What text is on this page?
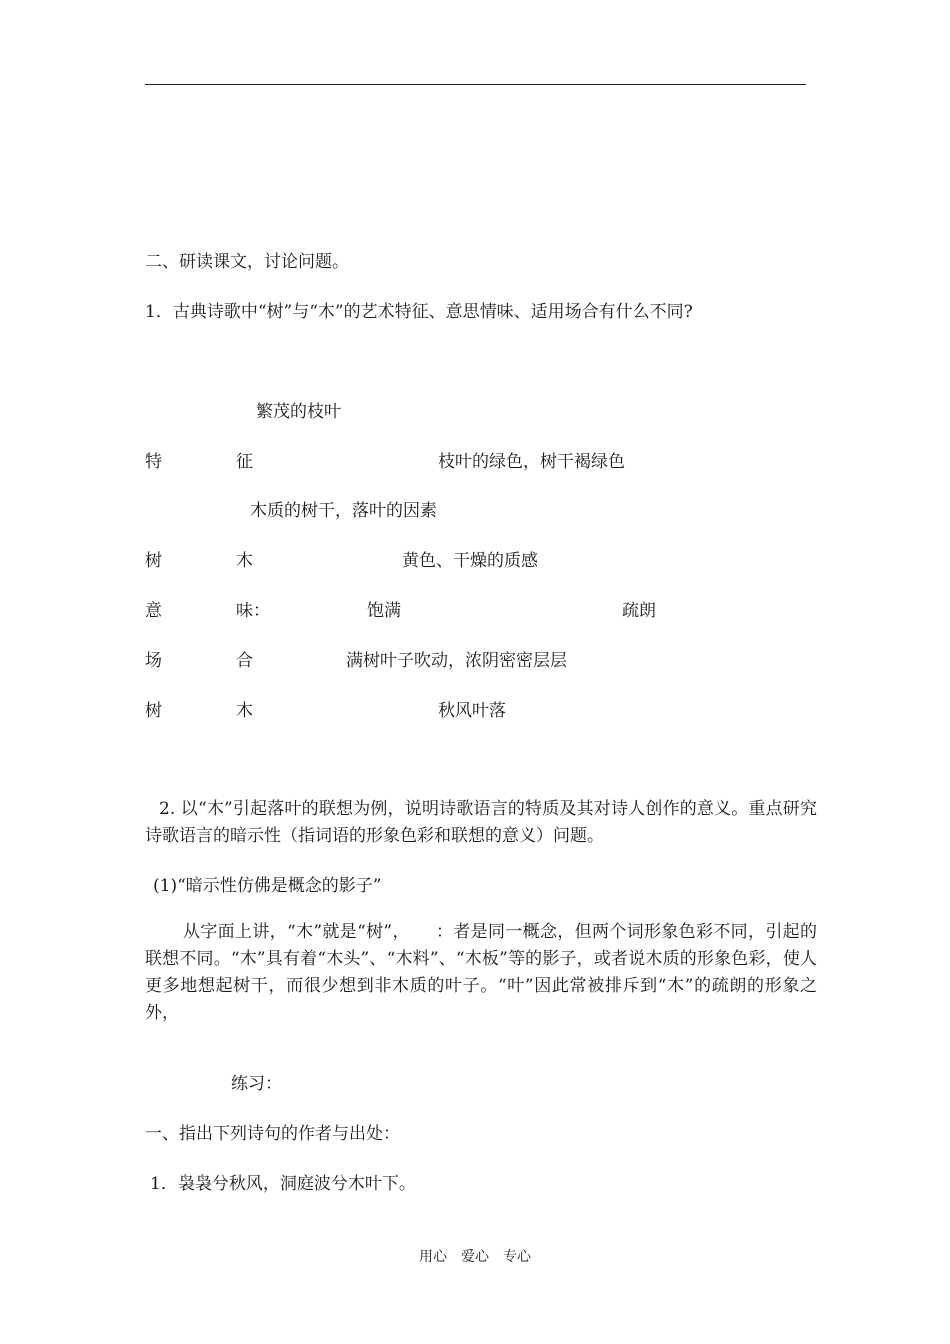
二、研读课文，讨论问题。
1．古典诗歌中“树”与“木”的艺术特征、意思情味、适用场合有什么不同?
繁茂的枝叶
特	征	枝叶的绿色，树干褐绿色
木质的树干，落叶的因素
树	木	黄色、干燥的质感
意	味：	饱满	疏朗
场	合	满树叶子吹动，浓阴密密层层
树	木	秋风叶落
2. 以“木”引起落叶的联想为例，说明诗歌语言的特质及其对诗人创作的意义。重点研究诗歌语言的暗示性（指词语的形象色彩和联想的意义）问题。
(1)“暗示性仿佛是概念的影子”
从字面上讲，“木”就是“树”，　　：者是同一概念，但两个词形象色彩不同，引起的联想不同。“木”具有着“木头”、“木料”、“木板”等的影子，或者说木质的形象色彩，使人更多地想起树干，而很少想到非木质的叶子。“叶”因此常被排斥到“木”的疏朗的形象之外，
练习：
一、指出下列诗句的作者与出处：
1．袅袅兮秋风，洞庭波兮木叶下。
用心　爱心　专心
